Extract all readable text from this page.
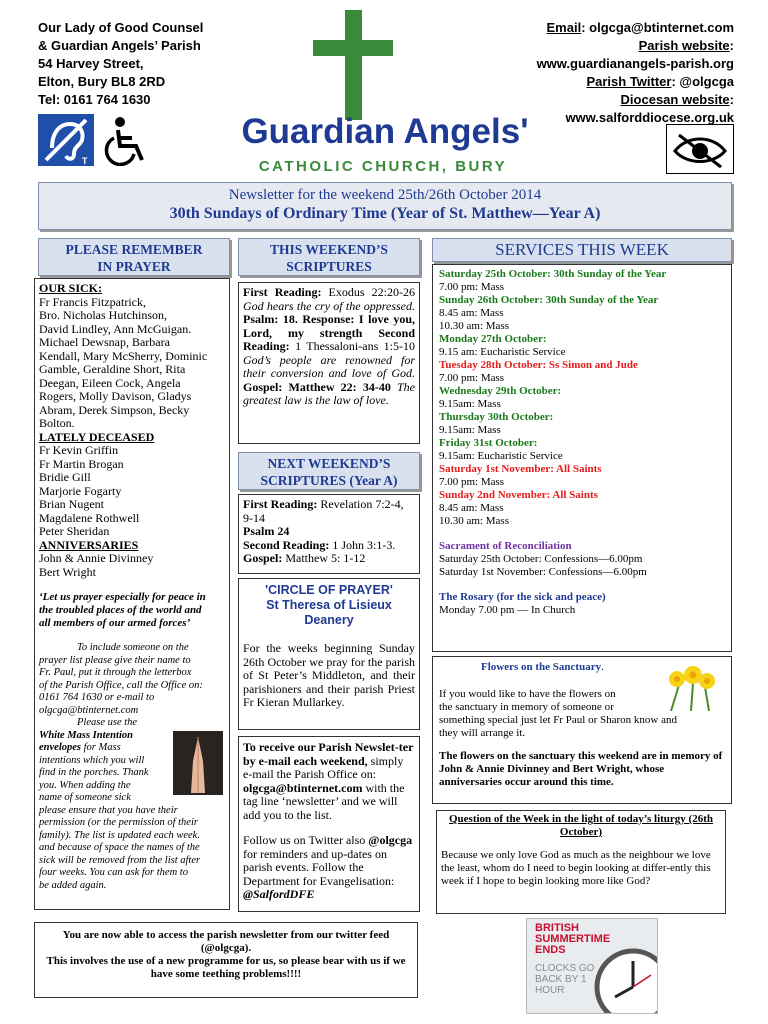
Our Lady of Good Counsel
& Guardian Angels’ Parish
54 Harvey Street,
Elton, Bury BL8 2RD
Tel: 0161 764 1630
T
Guardian Angels'
CATHOLIC CHURCH, BURY
Email: olgcga@btinternet.com
Parish website:
www.guardianangels-parish.org
Parish Twitter: @olgcga
Diocesan website:
www.salforddiocese.org.uk
Newsletter for the weekend 25th/26th October 2014
30th Sundays of Ordinary Time (Year of St. Matthew—Year A)
PLEASE REMEMBER
IN PRAYER
OUR SICK:
Fr Francis Fitzpatrick,
Bro. Nicholas Hutchinson,
David Lindley, Ann McGuigan.
Michael Dewsnap, Barbara
Kendall, Mary McSherry, Dominic
Gamble, Geraldine Short, Rita
Deegan, Eileen Cock, Angela
Rogers, Molly Davison, Gladys
Abram, Derek Simpson, Becky
Bolton.
LATELY DECEASED
Fr Kevin Griffin
Fr Martin Brogan
Bridie Gill
Marjorie Fogarty
Brian Nugent
Magdalene Rothwell
Peter Sheridan
ANNIVERSARIES
John & Annie Divinney
Bert Wright
‘Let us prayer especially for peace in
the troubled places of the world and
all members of our armed forces’
To include someone on the
prayer list please give their name to
Fr. Paul, put it through the letterbox
of the Parish Office, call the Office on:
0161 764 1630 or e-mail to
olgcga@btinternet.com
Please use the
White Mass Intention
envelopes for Mass
intentions which you will
find in the porches. Thank
you. When adding the
name of someone sick
please ensure that you have their
permission (or the permission of their
family). The list is updated each week.
and because of space the names of the
sick will be removed from the list after
four weeks. You can ask for them to
be added again.
THIS WEEKEND’S
SCRIPTURES
First Reading: Exodus 22:20-26 God hears the cry of the oppressed. Psalm: 18. Response: I love you, Lord, my strength Second Reading: 1 Thessaloni-ans 1:5-10 God’s people are renowned for their conversion and love of God. Gospel: Matthew 22: 34-40 The greatest law is the law of love.
NEXT WEEKEND’S
SCRIPTURES (Year A)
First Reading: Revelation 7:2-4, 9-14
Psalm 24
Second Reading: 1 John 3:1-3.
Gospel: Matthew 5: 1-12
'CIRCLE OF PRAYER'
St Theresa of Lisieux
Deanery
For the weeks beginning Sunday 26th October we pray for the parish of St Peter’s Middleton, and their parishioners and their parish Priest Fr Kieran Mullarkey.
To receive our Parish Newslet-ter by e-mail each weekend, simply e-mail the Parish Office on: olgcga@btinternet.com with the tag line ‘newsletter’ and we will add you to the list.
Follow us on Twitter also @olgcga for reminders and up-dates on parish events. Follow the Department for Evangelisation: @SalfordDFE
SERVICES THIS WEEK
Saturday 25th October: 30th Sunday of the Year
7.00 pm: Mass
Sunday 26th October: 30th Sunday of the Year
8.45 am: Mass
10.30 am: Mass
Monday 27th October:
9.15 am: Eucharistic Service
Tuesday 28th October: Ss Simon and Jude
7.00 pm: Mass
Wednesday 29th October:
9.15am: Mass
Thursday 30th October:
9.15am: Mass
Friday 31st October:
9.15am: Eucharistic Service
Saturday 1st November: All Saints
7.00 pm: Mass
Sunday 2nd November: All Saints
8.45 am: Mass
10.30 am: Mass
Sacrament of Reconciliation
Saturday 25th October: Confessions—6.00pm
Saturday 1st November: Confessions—6.00pm
The Rosary (for the sick and peace)
Monday 7.00 pm — In Church
Flowers on the Sanctuary.
If you would like to have the flowers on
the sanctuary in memory of someone or
something special just let Fr Paul or Sharon know and
they will arrange it.
The flowers on the sanctuary this weekend are in memory of John & Annie Divinney and Bert Wright, whose anniversaries occur around this time.
Question of the Week in the light of today’s liturgy (26th October)
Because we only love God as much as the neighbour we love the least, whom do I need to begin looking at differ-ently this week if I hope to begin looking more like God?
You are now able to access the parish newsletter from our twitter feed (@olgcga).
This involves the use of a new programme for us, so please bear with us if we have some teething problems!!!!
BRITISH
SUMMERTIME
ENDS
CLOCKS GO
BACK BY 1
HOUR
